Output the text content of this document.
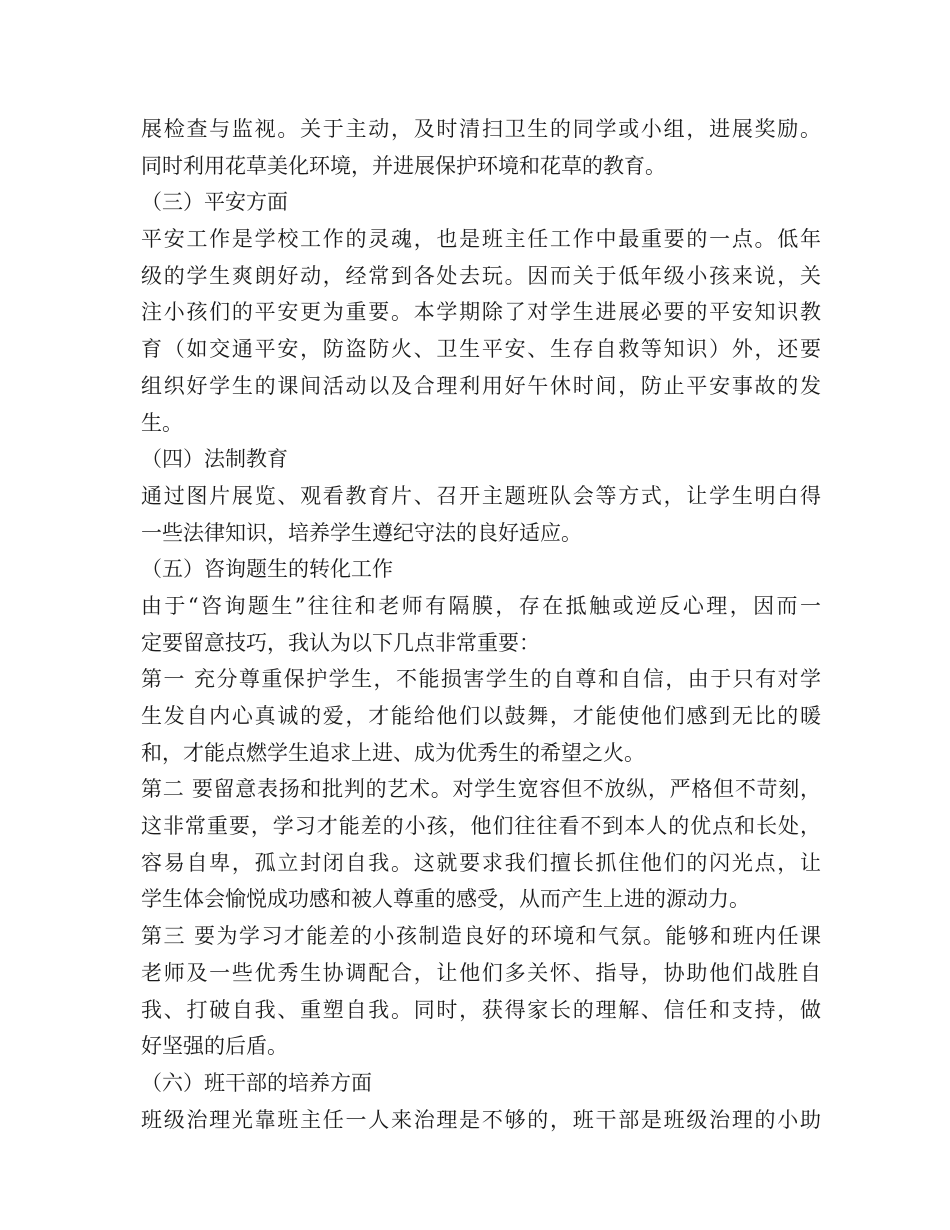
展检查与监视。关于主动，及时清扫卫生的同学或小组，进展奖励。
同时利用花草美化环境，并进展保护环境和花草的教育。
（三）平安方面
平安工作是学校工作的灵魂，也是班主任工作中最重要的一点。低年
级的学生爽朗好动，经常到各处去玩。因而关于低年级小孩来说，关
注小孩们的平安更为重要。本学期除了对学生进展必要的平安知识教
育（如交通平安，防盗防火、卫生平安、生存自救等知识）外，还要
组织好学生的课间活动以及合理利用好午休时间，防止平安事故的发
生。
（四）法制教育
通过图片展览、观看教育片、召开主题班队会等方式，让学生明白得
一些法律知识，培养学生遵纪守法的良好适应。
（五）咨询题生的转化工作
由于“咨询题生”往往和老师有隔膜，存在抵触或逆反心理，因而一
定要留意技巧，我认为以下几点非常重要：
第一 充分尊重保护学生，不能损害学生的自尊和自信，由于只有对学
生发自内心真诚的爱，才能给他们以鼓舞，才能使他们感到无比的暖
和，才能点燃学生追求上进、成为优秀生的希望之火。
第二 要留意表扬和批判的艺术。对学生宽容但不放纵，严格但不苛刻，
这非常重要，学习才能差的小孩，他们往往看不到本人的优点和长处，
容易自卑，孤立封闭自我。这就要求我们擅长抓住他们的闪光点，让
学生体会愉悦成功感和被人尊重的感受，从而产生上进的源动力。
第三 要为学习才能差的小孩制造良好的环境和气氛。能够和班内任课
老师及一些优秀生协调配合，让他们多关怀、指导，协助他们战胜自
我、打破自我、重塑自我。同时，获得家长的理解、信任和支持，做
好坚强的后盾。
（六）班干部的培养方面
班级治理光靠班主任一人来治理是不够的，班干部是班级治理的小助
